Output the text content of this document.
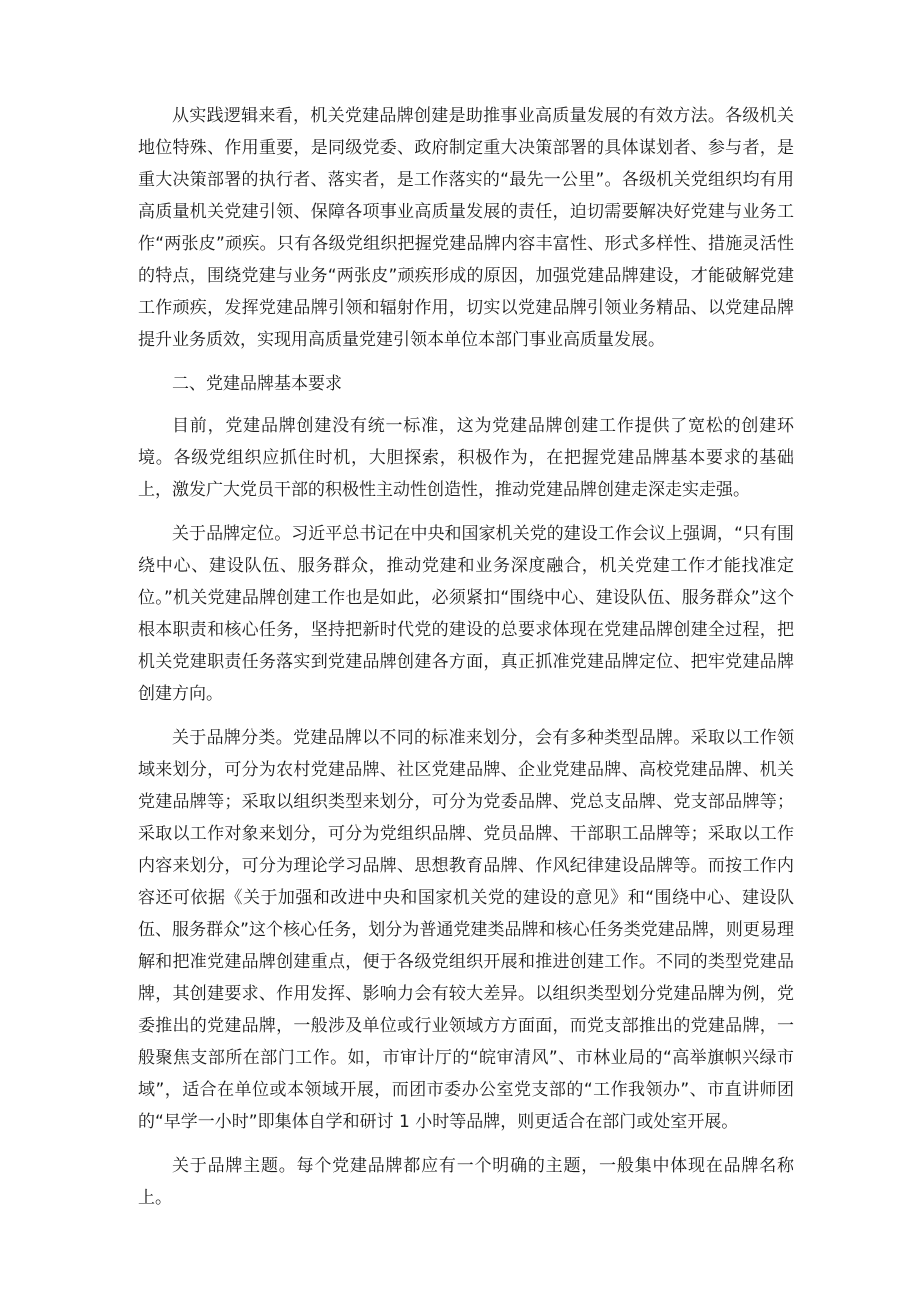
从实践逻辑来看，机关党建品牌创建是助推事业高质量发展的有效方法。各级机关地位特殊、作用重要，是同级党委、政府制定重大决策部署的具体谋划者、参与者，是重大决策部署的执行者、落实者，是工作落实的“最先一公里”。各级机关党组织均有用高质量机关党建引领、保障各项事业高质量发展的责任，迫切需要解决好党建与业务工作“两张皮”顽疾。只有各级党组织把握党建品牌内容丰富性、形式多样性、措施灵活性的特点，围绕党建与业务“两张皮”顽疾形成的原因，加强党建品牌建设，才能破解党建工作顽疾，发挥党建品牌引领和辐射作用，切实以党建品牌引领业务精品、以党建品牌提升业务质效，实现用高质量党建引领本单位本部门事业高质量发展。

二、党建品牌基本要求

目前，党建品牌创建没有统一标准，这为党建品牌创建工作提供了宽松的创建环境。各级党组织应抓住时机，大胆探索，积极作为，在把握党建品牌基本要求的基础上，激发广大党员干部的积极性主动性创造性，推动党建品牌创建走深走实走强。

关于品牌定位。习近平总书记在中央和国家机关党的建设工作会议上强调，“只有围绕中心、建设队伍、服务群众，推动党建和业务深度融合，机关党建工作才能找准定位。”机关党建品牌创建工作也是如此，必须紧扣“围绕中心、建设队伍、服务群众”这个根本职责和核心任务，坚持把新时代党的建设的总要求体现在党建品牌创建全过程，把机关党建职责任务落实到党建品牌创建各方面，真正抓准党建品牌定位、把牢党建品牌创建方向。

关于品牌分类。党建品牌以不同的标准来划分，会有多种类型品牌。采取以工作领域来划分，可分为农村党建品牌、社区党建品牌、企业党建品牌、高校党建品牌、机关党建品牌等；采取以组织类型来划分，可分为党委品牌、党总支品牌、党支部品牌等；采取以工作对象来划分，可分为党组织品牌、党员品牌、干部职工品牌等；采取以工作内容来划分，可分为理论学习品牌、思想教育品牌、作风纪律建设品牌等。而按工作内容还可依据《关于加强和改进中央和国家机关党的建设的意见》和“围绕中心、建设队伍、服务群众”这个核心任务，划分为普通党建类品牌和核心任务类党建品牌，则更易理解和把准党建品牌创建重点，便于各级党组织开展和推进创建工作。不同的类型党建品牌，其创建要求、作用发挥、影响力会有较大差异。以组织类型划分党建品牌为例，党委推出的党建品牌，一般涉及单位或行业领域方方面面，而党支部推出的党建品牌，一般聚焦支部所在部门工作。如，市审计厅的“皖审清风”、市林业局的“高举旗帜兴绿市域”，适合在单位或本领域开展，而团市委办公室党支部的“工作我领办”、市直讲师团的“早学一小时”即集体自学和研讨 1 小时等品牌，则更适合在部门或处室开展。

关于品牌主题。每个党建品牌都应有一个明确的主题，一般集中体现在品牌名称上。
